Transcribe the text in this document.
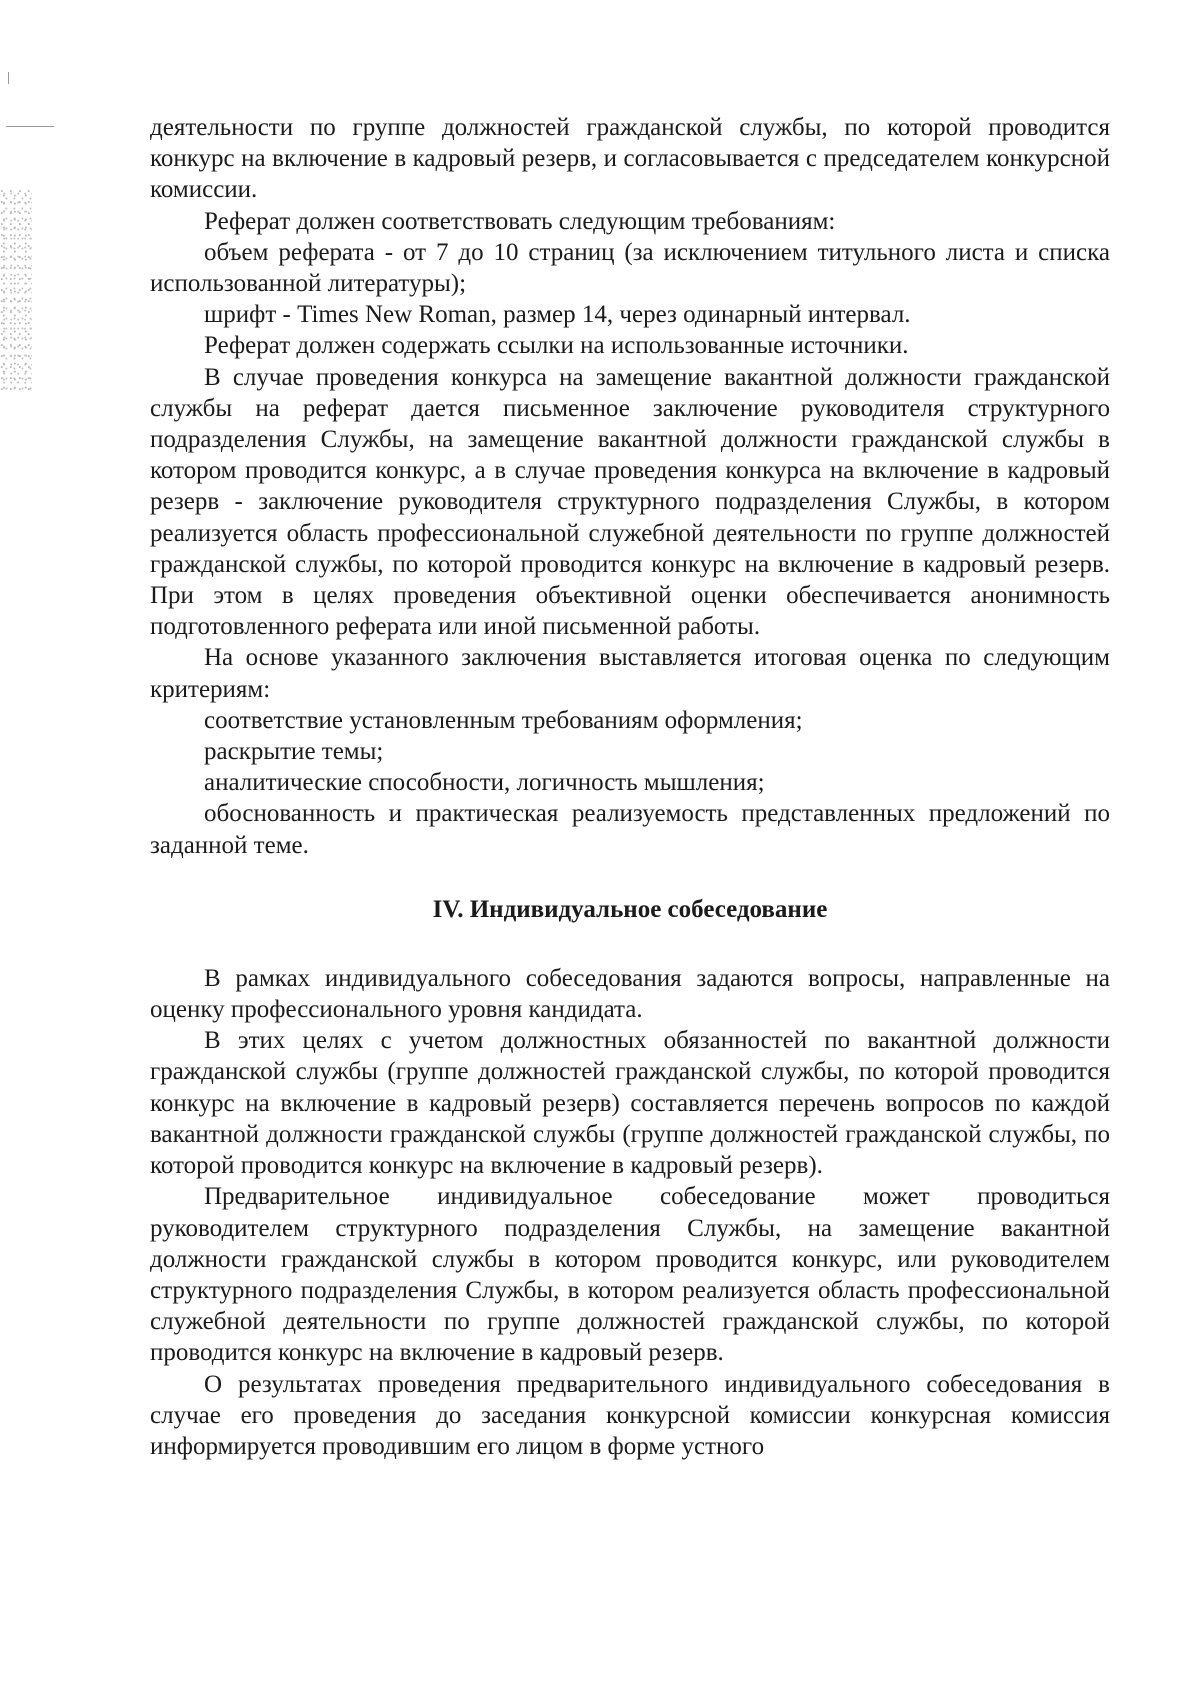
деятельности по группе должностей гражданской службы, по которой проводится конкурс на включение в кадровый резерв, и согласовывается с председателем конкурсной комиссии.

Реферат должен соответствовать следующим требованиям:

объем реферата - от 7 до 10 страниц (за исключением титульного листа и списка использованной литературы);

шрифт - Times New Roman, размер 14, через одинарный интервал.

Реферат должен содержать ссылки на использованные источники.

В случае проведения конкурса на замещение вакантной должности гражданской службы на реферат дается письменное заключение руководителя структурного подразделения Службы, на замещение вакантной должности гражданской службы в котором проводится конкурс, а в случае проведения конкурса на включение в кадровый резерв - заключение руководителя структурного подразделения Службы, в котором реализуется область профессиональной служебной деятельности по группе должностей гражданской службы, по которой проводится конкурс на включение в кадровый резерв. При этом в целях проведения объективной оценки обеспечивается анонимность подготовленного реферата или иной письменной работы.

На основе указанного заключения выставляется итоговая оценка по следующим критериям:

соответствие установленным требованиям оформления;

раскрытие темы;

аналитические способности, логичность мышления;

обоснованность и практическая реализуемость представленных предложений по заданной теме.

IV. Индивидуальное собеседование

В рамках индивидуального собеседования задаются вопросы, направленные на оценку профессионального уровня кандидата.

В этих целях с учетом должностных обязанностей по вакантной должности гражданской службы (группе должностей гражданской службы, по которой проводится конкурс на включение в кадровый резерв) составляется перечень вопросов по каждой вакантной должности гражданской службы (группе должностей гражданской службы, по которой проводится конкурс на включение в кадровый резерв).

Предварительное индивидуальное собеседование может проводиться руководителем структурного подразделения Службы, на замещение вакантной должности гражданской службы в котором проводится конкурс, или руководителем структурного подразделения Службы, в котором реализуется область профессиональной служебной деятельности по группе должностей гражданской службы, по которой проводится конкурс на включение в кадровый резерв.

О результатах проведения предварительного индивидуального собеседования в случае его проведения до заседания конкурсной комиссии конкурсная комиссия информируется проводившим его лицом в форме устного
